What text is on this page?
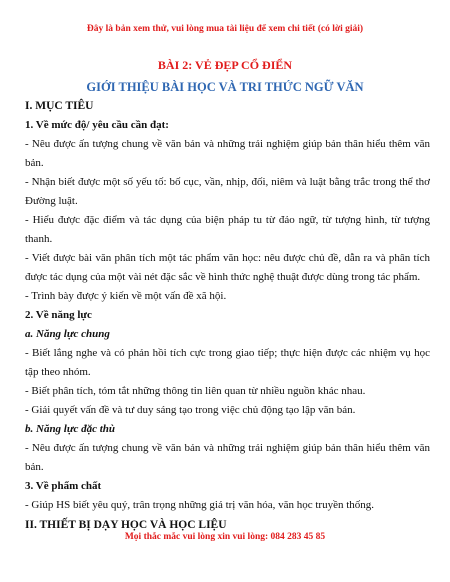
Đây là bản xem thử, vui lòng mua tài liệu để xem chi tiết (có lời giải)
BÀI 2: VẺ ĐẸP CỔ ĐIỂN
GIỚI THIỆU BÀI HỌC VÀ TRI THỨC NGỮ VĂN
I. MỤC TIÊU
1. Về mức độ/ yêu cầu cần đạt:
- Nêu được ấn tượng chung về văn bản và những trải nghiệm giúp bản thân hiểu thêm văn bản.
- Nhận biết được một số yếu tố: bố cục, vần, nhịp, đối, niêm và luật bằng trắc trong thể thơ Đường luật.
- Hiểu được đặc điểm và tác dụng của biện pháp tu từ đảo ngữ, từ tượng hình, từ tượng thanh.
- Viết được bài văn phân tích một tác phẩm văn học: nêu được chủ đề, dẫn ra và phân tích được tác dụng của một vài nét đặc sắc về hình thức nghệ thuật được dùng trong tác phẩm.
- Trình bày được ý kiến về một vấn đề xã hội.
2. Về năng lực
a. Năng lực chung
- Biết lắng nghe và có phản hồi tích cực trong giao tiếp; thực hiện được các nhiệm vụ học tập theo nhóm.
- Biết phân tích, tóm tắt những thông tin liên quan từ nhiều nguồn khác nhau.
- Giải quyết vấn đề và tư duy sáng tạo trong việc chủ động tạo lập văn bản.
b. Năng lực đặc thù
- Nêu được ấn tượng chung về văn bản và những trải nghiệm giúp bản thân hiểu thêm văn bản.
3. Về phẩm chất
- Giúp HS biết yêu quý, trân trọng những giá trị văn hóa, văn học truyền thống.
II. THIẾT BỊ DẠY HỌC VÀ HỌC LIỆU
Mọi thắc mắc vui lòng xin vui lòng: 084 283 45 85
